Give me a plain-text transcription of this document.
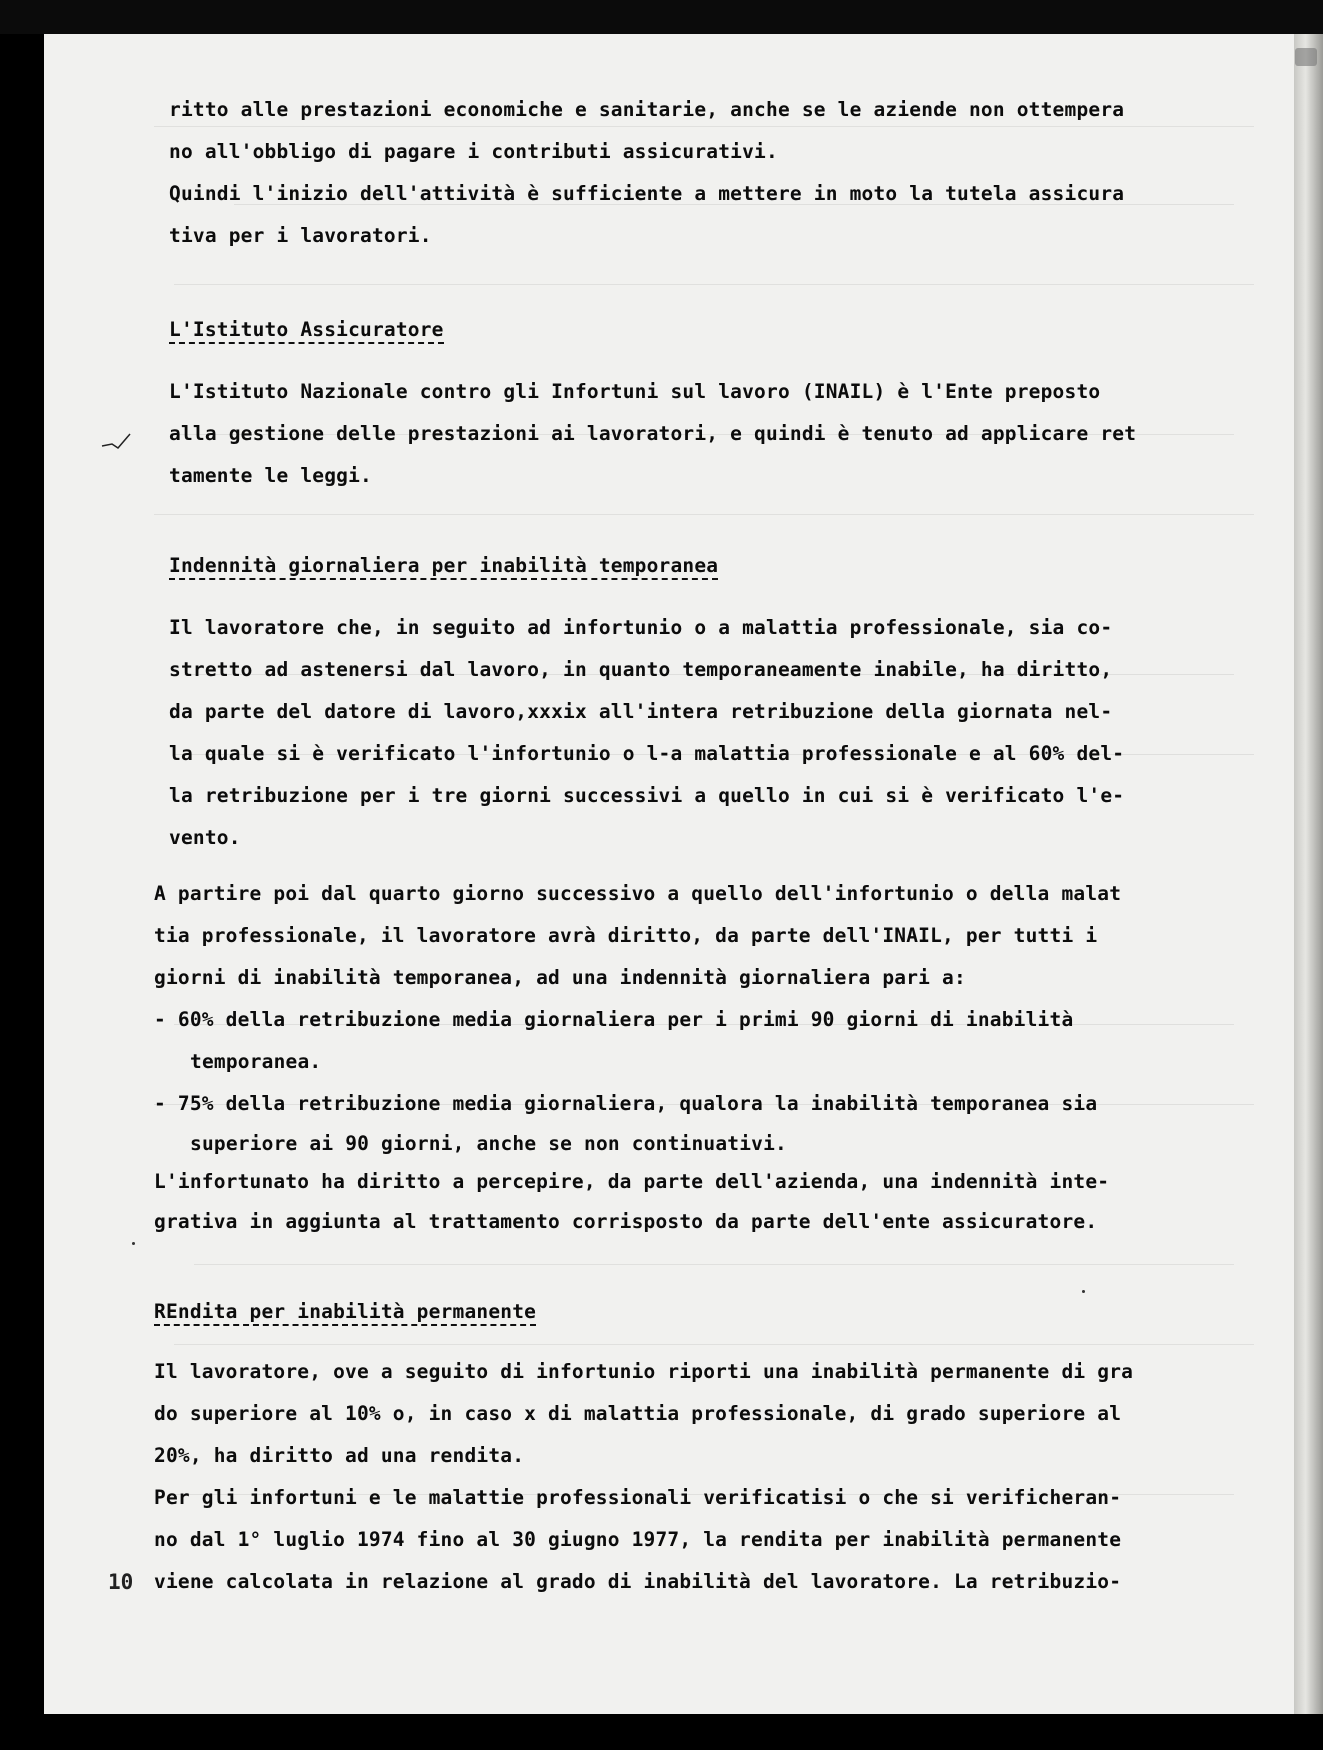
ritto alle prestazioni economiche e sanitarie, anche se le aziende non ottempera
no all'obbligo di pagare i contributi assicurativi.
Quindi l'inizio dell'attività è sufficiente a mettere in moto la tutela assicura
tiva per i lavoratori.
L'Istituto Assicuratore
L'Istituto Nazionale contro gli Infortuni sul lavoro (INAIL) è l'Ente preposto
alla gestione delle prestazioni ai lavoratori, e quindi è tenuto ad applicare ret
tamente le leggi.
Indennità giornaliera per inabilità temporanea
Il lavoratore che, in seguito ad infortunio o a malattia professionale, sia co-
stretto ad astenersi dal lavoro, in quanto temporaneamente inabile, ha diritto,
da parte del datore di lavoro,xxxix all'intera retribuzione della giornata nel-
la quale si è verificato l'infortunio o l-a malattia professionale e al 60% del-
la retribuzione per i tre giorni successivi a quello in cui si è verificato l'e-
vento.
A partire poi dal quarto giorno successivo a quello dell'infortunio o della malat
tia professionale, il lavoratore avrà diritto, da parte dell'INAIL, per tutti i
giorni di inabilità temporanea, ad una indennità giornaliera pari a:
- 60% della retribuzione media giornaliera per i primi 90 giorni di inabilità
temporanea.
- 75% della retribuzione media giornaliera, qualora la inabilità temporanea sia
superiore ai 90 giorni, anche se non continuativi.
L'infortunato ha diritto a percepire, da parte dell'azienda, una indennità inte-
grativa in aggiunta al trattamento corrisposto da parte dell'ente assicuratore.
REndita per inabilità permanente
Il lavoratore, ove a seguito di infortunio riporti una inabilità permanente di gra
do superiore al 10% o, in caso x di malattia professionale, di grado superiore al
20%, ha diritto ad una rendita.
Per gli infortuni e le malattie professionali verificatisi o che si verificheran-
no dal 1° luglio 1974 fino al 30 giugno 1977, la rendita per inabilità permanente
viene calcolata in relazione al grado di inabilità del lavoratore. La retribuzio-
10
